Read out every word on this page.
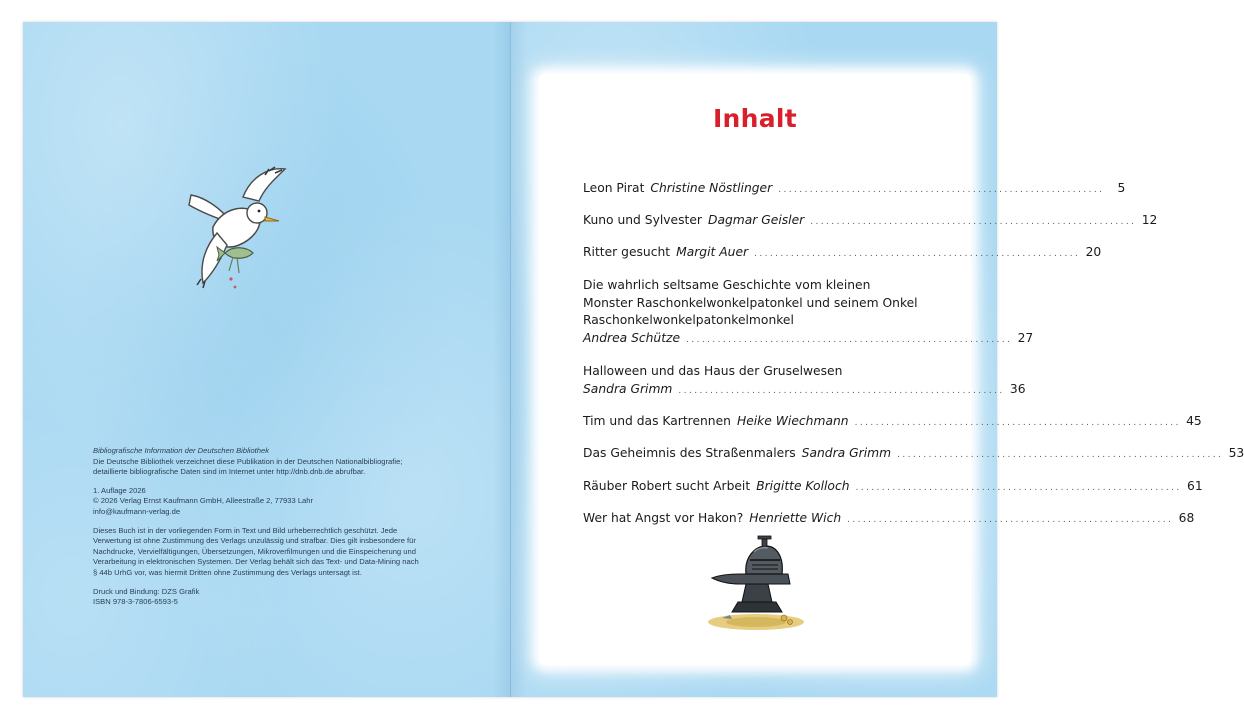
Bibliografische Information der Deutschen Bibliothek

Die Deutsche Bibliothek verzeichnet diese Publikation in der Deutschen Nationalbibliografie;

detaillierte bibliografische Daten sind im Internet unter http://dnb.dnb.de abrufbar.

1. Auflage 2026

© 2026 Verlag Ernst Kaufmann GmbH, Alleestraße 2, 77933 Lahr

info@kaufmann-verlag.de

Dieses Buch ist in der vorliegenden Form in Text und Bild urheberrechtlich geschützt. Jede

Verwertung ist ohne Zustimmung des Verlags unzulässig und strafbar. Dies gilt insbesondere für

Nachdrucke, Vervielfältigungen, Übersetzungen, Mikroverfilmungen und die Einspeicherung und

Verarbeitung in elektronischen Systemen. Der Verlag behält sich das Text- und Data-Mining nach

§ 44b UrhG vor, was hiermit Dritten ohne Zustimmung des Verlags untersagt ist.

Druck und Bindung: DZS Grafik

ISBN 978-3-7806-6593-5

Inhalt
Leon Pirat Christine Nöstlinger ..............................................................	5
Kuno und Sylvester Dagmar Geisler .............................................................. 12
Ritter gesucht Margit Auer .............................................................. 20
Die wahrlich seltsame Geschichte vom kleinen
Monster Raschonkelwonkelpatonkel und seinem Onkel
Raschonkelwonkelpatonkelmonkel
Andrea Schütze .............................................................. 27
Halloween und das Haus der Gruselwesen
Sandra Grimm .............................................................. 36
Tim und das Kartrennen Heike Wiechmann .............................................................. 45
Das Geheimnis des Straßenmalers Sandra Grimm .............................................................. 53
Räuber Robert sucht Arbeit Brigitte Kolloch .............................................................. 61
Wer hat Angst vor Hakon? Henriette Wich .............................................................. 68
